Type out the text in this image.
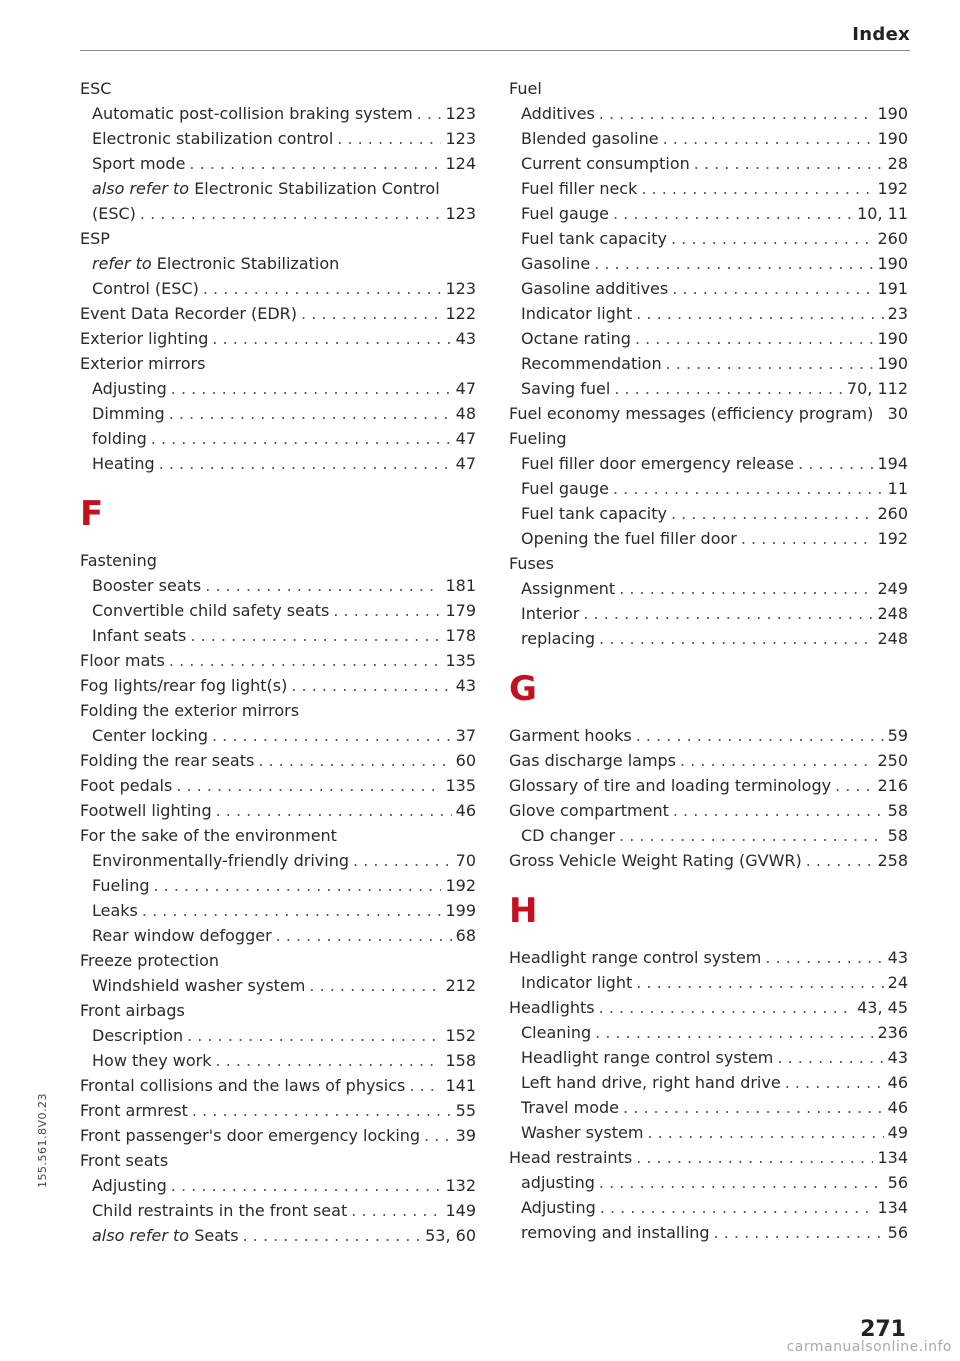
Index
ESC
Automatic post-collision braking system . . . 123
Electronic stabilization control . . .	123
Sport mode . . .	124
also refer to Electronic Stabilization Control
(ESC) . . .	123
ESP
refer to Electronic Stabilization
Control (ESC) . . .	123
Event Data Recorder (EDR) . . .	122
Exterior lighting . . .	43
Exterior mirrors
Adjusting . . .	47
Dimming . . .	48
folding . . .	47
Heating . . .	47
F
Fastening
Booster seats . . .	181
Convertible child safety seats . . .	179
Infant seats . . .	178
Floor mats . . .	135
Fog lights/rear fog light(s) . . .	43
Folding the exterior mirrors
Center locking . . .	37
Folding the rear seats . . .	60
Foot pedals . . .	135
Footwell lighting . . .	46
For the sake of the environment
Environmentally-friendly driving . . .	70
Fueling . . .	192
Leaks . . .	199
Rear window defogger . . .	68
Freeze protection
Windshield washer system . . .	212
Front airbags
Description . . .	152
How they work . . .	158
Frontal collisions and the laws of physics . . .	141
Front armrest . . .	55
Front passenger's door emergency locking . . . 39
Front seats
Adjusting . . .	132
Child restraints in the front seat . . .	149
also refer to Seats . . .	53, 60
Fuel
Additives . . .	190
Blended gasoline . . .	190
Current consumption . . .	28
Fuel filler neck . . .	192
Fuel gauge . . .	10, 11
Fuel tank capacity . . .	260
Gasoline . . .	190
Gasoline additives . . .	191
Indicator light . . .	23
Octane rating . . .	190
Recommendation . . .	190
Saving fuel . . .	70, 112
Fuel economy messages (efficiency program) 30
Fueling
Fuel filler door emergency release . . .	194
Fuel gauge . . .	11
Fuel tank capacity . . .	260
Opening the fuel filler door . . .	192
Fuses
Assignment . . .	249
Interior . . .	248
replacing . . .	248
G
Garment hooks . . .	59
Gas discharge lamps . . .	250
Glossary of tire and loading terminology . . .	216
Glove compartment . . .	58
CD changer . . .	58
Gross Vehicle Weight Rating (GVWR) . . .	258
H
Headlight range control system . . .	43
Indicator light . . .	24
Headlights . . .	43, 45
Cleaning . . .	236
Headlight range control system . . .	43
Left hand drive, right hand drive . . .	46
Travel mode . . .	46
Washer system . . .	49
Head restraints . . .	134
adjusting . . .	56
Adjusting . . .	134
removing and installing . . .	56
155.561.8V0.23
271
carmanualsonline.info
